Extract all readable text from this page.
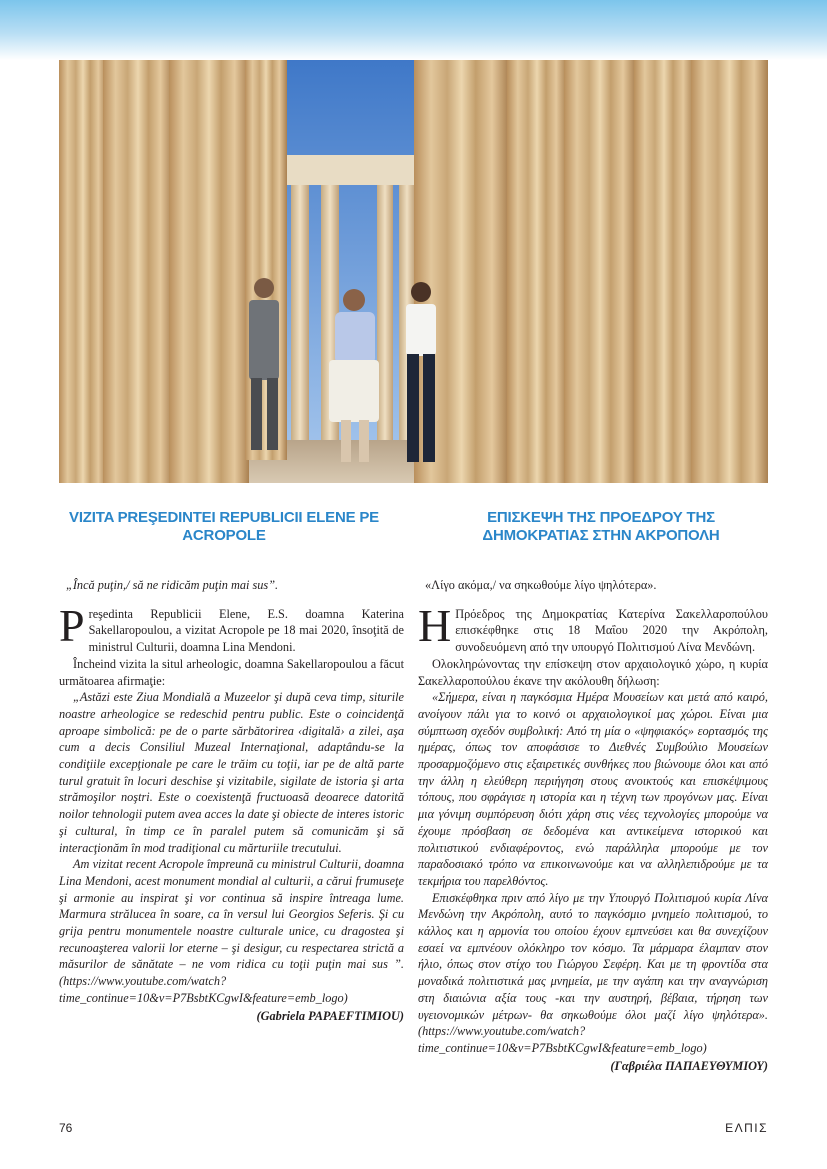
VIZITA PREŞEDINTEI REPUBLICII ELENE PE ACROPOLE
ΕΠΙΣΚΕΨΗ ΤΗΣ ΠΡΟΕΔΡΟΥ ΤΗΣ ΔΗΜΟΚΡΑΤΙΑΣ ΣΤΗΝ ΑΚΡΟΠΟΛΗ

„Încă puţin,/ să ne ridicăm puţin mai sus”.

Preşedinta Republicii Elene, E.S. doamna Katerina Sakellaropoulou, a vizitat Acropole pe 18 mai 2020, însoţită de ministrul Culturii, doamna Lina Mendoni.

Încheind vizita la situl arheologic, doamna Sakellaropoulou a făcut următoarea afirmaţie:

„Astăzi este Ziua Mondială a Muzeelor şi după ceva timp, siturile noastre arheologice se redeschid pentru public. Este o coincidenţă aproape simbolică: pe de o parte sărbătorirea ‹digitală› a zilei, aşa cum a decis Consiliul Muzeal Internaţional, adaptându-se la condiţiile excepţionale pe care le trăim cu toţii, iar pe de altă parte turul gratuit în locuri deschise şi vizitabile, sigilate de istoria şi arta strămoşilor noştri. Este o coexistenţă fructuoasă deoarece datorită noilor tehnologii putem avea acces la date şi obiecte de interes istoric şi cultural, în timp ce în paralel putem să comunicăm şi să interacţionăm în mod tradiţional cu mărturiile trecutului.

Am vizitat recent Acropole împreună cu ministrul Culturii, doamna Lina Mendoni, acest monument mondial al culturii, a cărui frumuseţe şi armonie au inspirat şi vor continua să inspire întreaga lume. Marmura strălucea în soare, ca în versul lui Georgios Seferis. Şi cu grija pentru monumentele noastre culturale unice, cu dragostea şi recunoaşterea valorii lor eterne – şi desigur, cu respectarea strictă a măsurilor de sănătate – ne vom ridica cu toţii puţin mai sus ”. (https://www.youtube.com/watch?time_continue=10&v=P7BsbtKCgwI&feature=emb_logo)

(Gabriela PAPAEFTIMIOU)

«Λίγο ακόμα,/ να σηκωθούμε λίγο ψηλότερα».

Η Πρόεδρος της Δημοκρατίας Κατερίνα Σακελλαροπούλου επισκέφθηκε στις 18 Μαΐου 2020 την Ακρόπολη, συνοδευόμενη από την υπουργό Πολιτισμού Λίνα Μενδώνη.

Ολοκληρώνοντας την επίσκεψη στον αρχαιολογικό χώρο, η κυρία Σακελλαροπούλου έκανε την ακόλουθη δήλωση:

«Σήμερα, είναι η παγκόσμια Ημέρα Μουσείων και μετά από καιρό, ανοίγουν πάλι για το κοινό οι αρχαιολογικοί μας χώροι. Είναι μια σύμπτωση σχεδόν συμβολική: Από τη μία ο «ψηφιακός» εορτασμός της ημέρας, όπως τον αποφάσισε το Διεθνές Συμβούλιο Μουσείων προσαρμοζόμενο στις εξαιρετικές συνθήκες που βιώνουμε όλοι και από την άλλη η ελεύθερη περιήγηση στους ανοικτούς και επισκέψιμους τόπους, που σφράγισε η ιστορία και η τέχνη των προγόνων μας. Είναι μια γόνιμη συμπόρευση διότι χάρη στις νέες τεχνολογίες μπορούμε να έχουμε πρόσβαση σε δεδομένα και αντικείμενα ιστορικού και πολιτιστικού ενδιαφέροντος, ενώ παράλληλα μπορούμε με τον παραδοσιακό τρόπο να επικοινωνούμε και να αλληλεπιδρούμε με τα τεκμήρια του παρελθόντος.

Επισκέφθηκα πριν από λίγο με την Υπουργό Πολιτισμού κυρία Λίνα Μενδώνη την Ακρόπολη, αυτό το παγκόσμιο μνημείο πολιτισμού, το κάλλος και η αρμονία του οποίου έχουν εμπνεύσει και θα συνεχίζουν εσαεί να εμπνέουν ολόκληρο τον κόσμο. Τα μάρμαρα έλαμπαν στον ήλιο, όπως στον στίχο του Γιώργου Σεφέρη. Και με τη φροντίδα στα μοναδικά πολιτιστικά μας μνημεία, με την αγάπη και την αναγνώριση στη διαιώνια αξία τους -και την αυστηρή, βέβαια, τήρηση των υγειονομικών μέτρων- θα σηκωθούμε όλοι μαζί λίγο ψηλότερα». (https://www.youtube.com/watch?time_continue=10&v=P7BsbtKCgwI&feature=emb_logo)

(Γαβριέλα ΠΑΠΑΕΥΘΥΜΙΟΥ)
76	ΕΛΠΙΣ
